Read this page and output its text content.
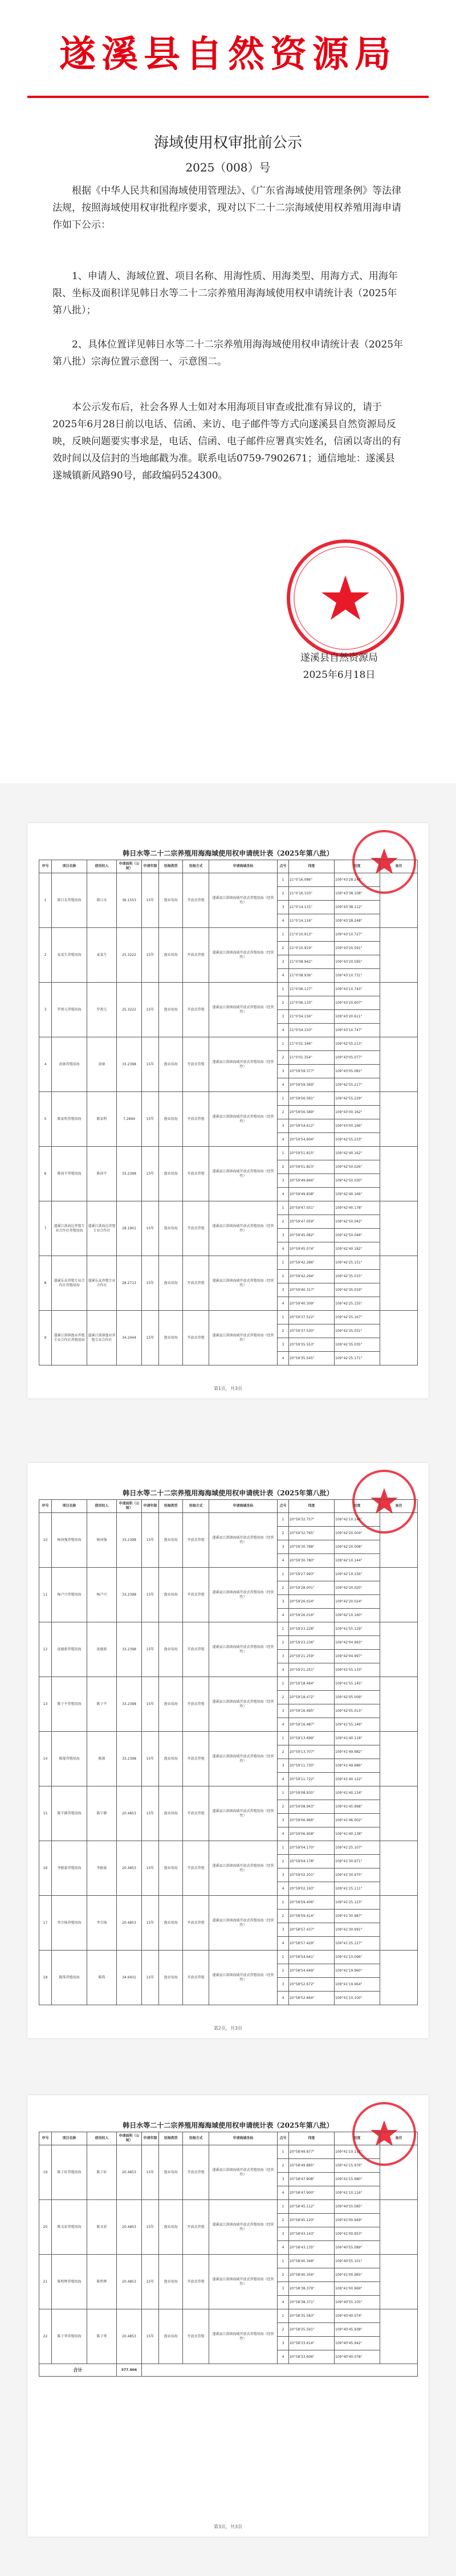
遂溪县自然资源局
海域使用权审批前公示
2025（008）号
根据《中华人民共和国海域使用管理法》、《广东省海域使用管理条例》等法律法规，按照海域使用权审批程序要求，现对以下二十二宗海域使用权养殖用海申请作如下公示：
1、申请人、海域位置、项目名称、用海性质、用海类型、用海方式、用海年限、坐标及面积详见韩日水等二十二宗养殖用海海域使用权申请统计表（2025年第八批）；
2、具体位置详见韩日水等二十二宗养殖用海海域使用权申请统计表（2025年第八批）宗海位置示意图一、示意图二。
本公示发布后，社会各界人士如对本用海项目审查或批准有异议的，请于2025年6月28日前以电话、信函、来访、电子邮件等方式向遂溪县自然资源局反映，反映问题要实事求是，电话、信函、电子邮件应署真实姓名，信函以寄出的有效时间以及信封的当地邮戳为准。联系电话0759-7902671；通信地址：遂溪县遂城镇新风路90号，邮政编码524300。
遂溪县自然资源局
2025年6月18日
韩日水等二十二宗养殖用海海域使用权申请统计表（2025年第八批）
序号	项目名称	使用权人	申请面积（公顷）	申请年限	用海类型	用海方式	申请海域坐标	点号	纬度	经度	备注
1	韩日水养殖用海	韩日水	36.1553	15年	渔业用海	开放式养殖	遂溪县江洪镇海域开放式养殖用海（经营性）	1	21°0'16.086"	109°43'28.243"	
								2	21°0'16.103"	109°43'38.108"	
								3	21°0'14.131"	109°43'38.112"	
								4	21°0'14.116"	109°43'28.248"	
2	麦某生养殖用海	麦某生	25.3222	15年	渔业用海	开放式养殖	遂溪县江洪镇海域开放式养殖用海（经营性）	1	21°0'10.913"	109°43'10.727"	
								2	21°0'10.919"	109°43'20.591"	
								3	21°0'08.942"	109°43'20.595"	
								4	21°0'08.936"	109°43'10.731"	
3	罗祖元养殖用海	罗祖元	25.3222	15年	渔业用海	开放式养殖	遂溪县江洪镇海域开放式养殖用海（经营性）	1	21°0'06.127"	109°43'10.743"	
								2	21°0'06.133"	109°43'20.607"	
								3	21°0'04.156"	109°43'20.611"	
								4	21°0'04.150"	109°43'10.747"	
4	黄康养殖用海	黄康	33.2398	15年	渔业用海	开放式养殖	遂溪县江洪镇海域开放式养殖用海（经营性）	1	21°0'01.346"	109°42'55.213"	
								2	21°0'01.354"	109°43'05.077"	
								3	20°59'59.377"	109°43'05.081"	
								4	20°59'59.369"	109°42'55.217"	
5	陈家明养殖用海	陈家明	7.2894	15年	渔业用海	开放式养殖	遂溪县江洪镇海域开放式养殖用海（经营性）	1	20°59'56.581"	109°42'55.229"	
								2	20°59'56.589"	109°43'00.162"	
								3	20°59'54.612"	109°43'00.166"	
								4	20°59'54.604"	109°42'55.233"	
6	陈国平养殖用海	陈国平	33.2398	15年	渔业用海	开放式养殖	遂溪县江洪镇海域开放式养殖用海（经营性）	1	20°59'51.815"	109°42'40.162"	
								2	20°59'51.823"	109°42'50.026"	
								3	20°59'49.846"	109°42'50.030"	
								4	20°59'49.838"	109°42'40.166"	
7	遂溪江洪海边养殖专业合作社养殖用海	遂溪江洪海边养殖专业合作社	28.1901	15年	渔业用海	开放式养殖	遂溪县江洪镇海域开放式养殖用海（经营性）	1	20°59'47.051"	109°42'40.178"	
								2	20°59'47.059"	109°42'50.042"	
								3	20°59'45.082"	109°42'50.046"	
								4	20°59'45.074"	109°42'40.182"	
8	遂溪乐众养殖专业合作社养殖用海	遂溪乐众养殖专业合作社	28.2713	15年	渔业用海	开放式养殖	遂溪县江洪镇海域开放式养殖用海（经营性）	1	20°59'42.286"	109°42'25.151"	
								2	20°59'42.294"	109°42'35.015"	
								3	20°59'40.317"	109°42'35.019"	
								4	20°59'40.309"	109°42'25.155"	
9	遂溪江洪镇渔业养殖专业合作社养殖用海	遂溪江洪镇渔业养殖专业合作社	34.2444	15年	渔业用海	开放式养殖	遂溪县江洪镇海域开放式养殖用海（经营性）	1	20°59'37.522"	109°42'25.167"	
								2	20°59'37.530"	109°42'35.031"	
								3	20°59'35.553"	109°42'35.035"	
								4	20°59'35.545"	109°42'25.171"	
第1页，共3页
韩日水等二十二宗养殖用海海域使用权申请统计表（2025年第八批）
序号	项目名称	使用权人	申请面积（公顷）	申请年限	用海类型	用海方式	申请海域坐标	点号	纬度	经度	备注
10	杨国强养殖用海	杨国强	33.2398	15年	渔业用海	开放式养殖	遂溪县江洪镇海域开放式养殖用海（经营性）	1	20°59'32.757"	109°42'10.140"	
								2	20°59'32.765"	109°42'20.004"	
								3	20°59'30.788"	109°42'20.008"	
								4	20°59'30.780"	109°42'10.144"	
11	杨卢兴养殖用海	杨卢兴	33.2398	15年	渔业用海	开放式养殖	遂溪县江洪镇海域开放式养殖用海（经营性）	1	20°59'27.993"	109°42'10.156"	
								2	20°59'28.001"	109°42'20.020"	
								3	20°59'26.024"	109°42'20.024"	
								4	20°59'26.016"	109°42'10.160"	
12	庞德新养殖用海	庞德新	33.2398	15年	渔业用海	开放式养殖	遂溪县江洪镇海域开放式养殖用海（经营性）	1	20°59'23.228"	109°41'55.129"	
								2	20°59'23.236"	109°42'04.993"	
								3	20°59'21.259"	109°42'04.997"	
								4	20°59'21.251"	109°41'55.133"	
13	陈子平养殖用海	陈子平	33.2398	15年	渔业用海	开放式养殖	遂溪县江洪镇海域开放式养殖用海（经营性）	1	20°59'18.464"	109°41'55.145"	
								2	20°59'18.472"	109°42'05.009"	
								3	20°59'16.495"	109°42'05.013"	
								4	20°59'16.487"	109°41'55.149"	
14	陈郁养殖用海	陈郁	33.2398	15年	渔业用海	开放式养殖	遂溪县江洪镇海域开放式养殖用海（经营性）	1	20°59'13.699"	109°41'40.118"	
								2	20°59'13.707"	109°41'49.982"	
								3	20°59'11.730"	109°41'49.986"	
								4	20°59'11.722"	109°41'40.122"	
15	陈宁静养殖用海	陈宁静	20.4853	15年	渔业用海	开放式养殖	遂溪县江洪镇海域开放式养殖用海（经营性）	1	20°59'08.935"	109°41'40.134"	
								2	20°59'08.943"	109°41'45.998"	
								3	20°59'06.966"	109°41'46.002"	
								4	20°59'06.958"	109°41'40.138"	
16	李振豪养殖用海	李振豪	20.4853	15年	渔业用海	开放式养殖	遂溪县江洪镇海域开放式养殖用海（经营性）	1	20°59'04.170"	109°41'25.107"	
								2	20°59'04.178"	109°41'30.971"	
								3	20°59'02.201"	109°41'30.975"	
								4	20°59'02.193"	109°41'25.111"	
17	李宗扬养殖用海	李宗扬	20.4853	15年	渔业用海	开放式养殖	遂溪县江洪镇海域开放式养殖用海（经营性）	1	20°58'59.406"	109°41'25.123"	
								2	20°58'59.414"	109°41'30.987"	
								3	20°58'57.437"	109°41'30.991"	
								4	20°58'57.429"	109°41'25.127"	
18	陈珠养殖用海	陈珠	34.6931	15年	渔业用海	开放式养殖	遂溪县江洪镇海域开放式养殖用海（经营性）	1	20°58'54.641"	109°41'10.096"	
								2	20°58'54.649"	109°41'19.960"	
								3	20°58'52.672"	109°41'19.964"	
								4	20°58'52.664"	109°41'10.100"	
第2页，共3页
韩日水等二十二宗养殖用海海域使用权申请统计表（2025年第八批）
序号	项目名称	使用权人	申请面积（公顷）	申请年限	用海类型	用海方式	申请海域坐标	点号	纬度	经度	备注
19	陈子轩养殖用海	陈子轩	20.4853	15年	渔业用海	开放式养殖	遂溪县江洪镇海域开放式养殖用海（经营性）	1	20°58'49.877"	109°41'10.112"	
								2	20°58'49.885"	109°41'15.976"	
								3	20°58'47.908"	109°41'15.980"	
								4	20°58'47.900"	109°41'10.116"	
20	陈文彩养殖用海	陈文彩	20.4853	15年	渔业用海	开放式养殖	遂溪县江洪镇海域开放式养殖用海（经营性）	1	20°58'45.112"	109°40'55.085"	
								2	20°58'45.120"	109°41'00.949"	
								3	20°58'43.143"	109°41'00.953"	
								4	20°58'43.135"	109°40'55.089"	
21	陈明辉养殖用海	陈明辉	20.4853	15年	渔业用海	开放式养殖	遂溪县江洪镇海域开放式养殖用海（经营性）	1	20°58'40.348"	109°40'55.101"	
								2	20°58'40.356"	109°41'00.965"	
								3	20°58'38.379"	109°41'00.969"	
								4	20°58'38.371"	109°40'55.105"	
22	陈子华养殖用海	陈子华	20.4853	15年	渔业用海	开放式养殖	遂溪县江洪镇海域开放式养殖用海（经营性）	1	20°58'35.583"	109°40'40.074"	
								2	20°58'35.591"	109°40'45.938"	
								3	20°58'33.614"	109°40'45.942"	
								4	20°58'33.606"	109°40'40.078"	
合计			577.906								
第3页，共3页
